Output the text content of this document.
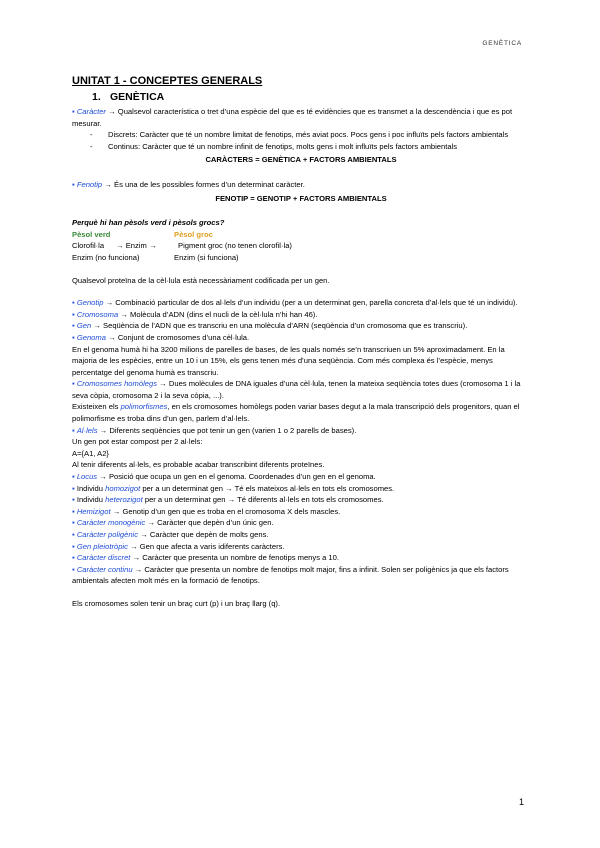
GENÈTICA

UNITAT 1 - CONCEPTES GENERALS

1. GENÈTICA

▪ Caràcter → Qualsevol característica o tret d’una espècie del que es té evidències que es transmet a la descendència i que es pot mesurar.

- Discrets: Caràcter que té un nombre limitat de fenotips, més aviat pocs. Pocs gens i poc influïts pels factors ambientals

- Continus: Caràcter que té un nombre infinit de fenotips, molts gens i molt influïts pels factors ambientals

CARÀCTERS = GENÈTICA + FACTORS AMBIENTALS

▪ Fenotip → És una de les possibles formes d’un determinat caràcter.

FENOTIP = GENOTIP + FACTORS AMBIENTALS

Perquè hi han pèsols verd i pèsols grocs?

Pèsol verd	Pèsol groc
Clorofil·la	→ Enzim →	Pigment groc (no tenen clorofil·la)
Enzim (no funciona)	Enzim (si funciona)

Qualsevol proteïna de la cèl·lula està necessàriament codificada per un gen.

▪ Genotip → Combinació particular de dos al·lels d’un individu (per a un determinat gen, parella concreta d’al·lels que té un individu).

▪ Cromosoma → Molècula d’ADN (dins el nucli de la cèl·lula n’hi han 46).

▪ Gen → Seqüència de l’ADN que es transcriu en una molècula d’ARN (seqüència d’un cromosoma que es transcriu).

▪ Genoma → Conjunt de cromosomes d’una cèl·lula.

En el genoma humà hi ha 3200 milions de parelles de bases, de les quals només se’n transcriuen un 5% aproximadament. En la majoria de les espècies, entre un 10 i un 15%, els gens tenen més d’una seqüència. Com més complexa és l’espècie, menys percentatge del genoma humà es transcriu.

▪ Cromosomes homòlegs → Dues molècules de DNA iguales d’una cèl·lula, tenen la mateixa seqüència totes dues (cromosoma 1 i la seva còpia, cromosoma 2 i la seva còpia, ...).

Existeixen els polimorfismes, en els cromosomes homòlegs poden variar bases degut a la mala transcripció dels progenitors, quan el polimorfisme es troba dins d’un gen, parlem d’al·lels.

▪ Al·lels → Diferents seqüències que pot tenir un gen (varien 1 o 2 parells de bases).

Un gen pot estar compost per 2 al·lels:

A={A1, A2}

Al tenir diferents al·lels, es probable acabar transcribint diferents proteïnes.

▪ Locus → Posició que ocupa un gen en el genoma. Coordenades d’un gen en el genoma.

▪ Individu homozigot per a un determinat gen → Té els mateixos al·lels en tots els cromosomes.

▪ Individu heterozigot per a un determinat gen → Té diferents al·lels en tots els cromosomes.

▪ Hemizigot → Genotip d’un gen que es troba en el cromosoma X dels mascles.

▪ Caràcter monogènic → Caràcter que depèn d’un únic gen.

▪ Caràcter poligènic → Caràcter que depèn de molts gens.

▪ Gen pleiotròpic → Gen que afecta a varis idiferents caràcters.

▪ Caràcter discret → Caràcter que presenta un nombre de fenotips menys a 10.

▪ Caràcter continu → Caràcter que presenta un nombre de fenotips molt major, fins a infinit. Solen ser poligènics ja que els factors ambientals afecten molt més en la formació de fenotips.

Els cromosomes solen tenir un braç curt (p) i un braç llarg (q).

1
